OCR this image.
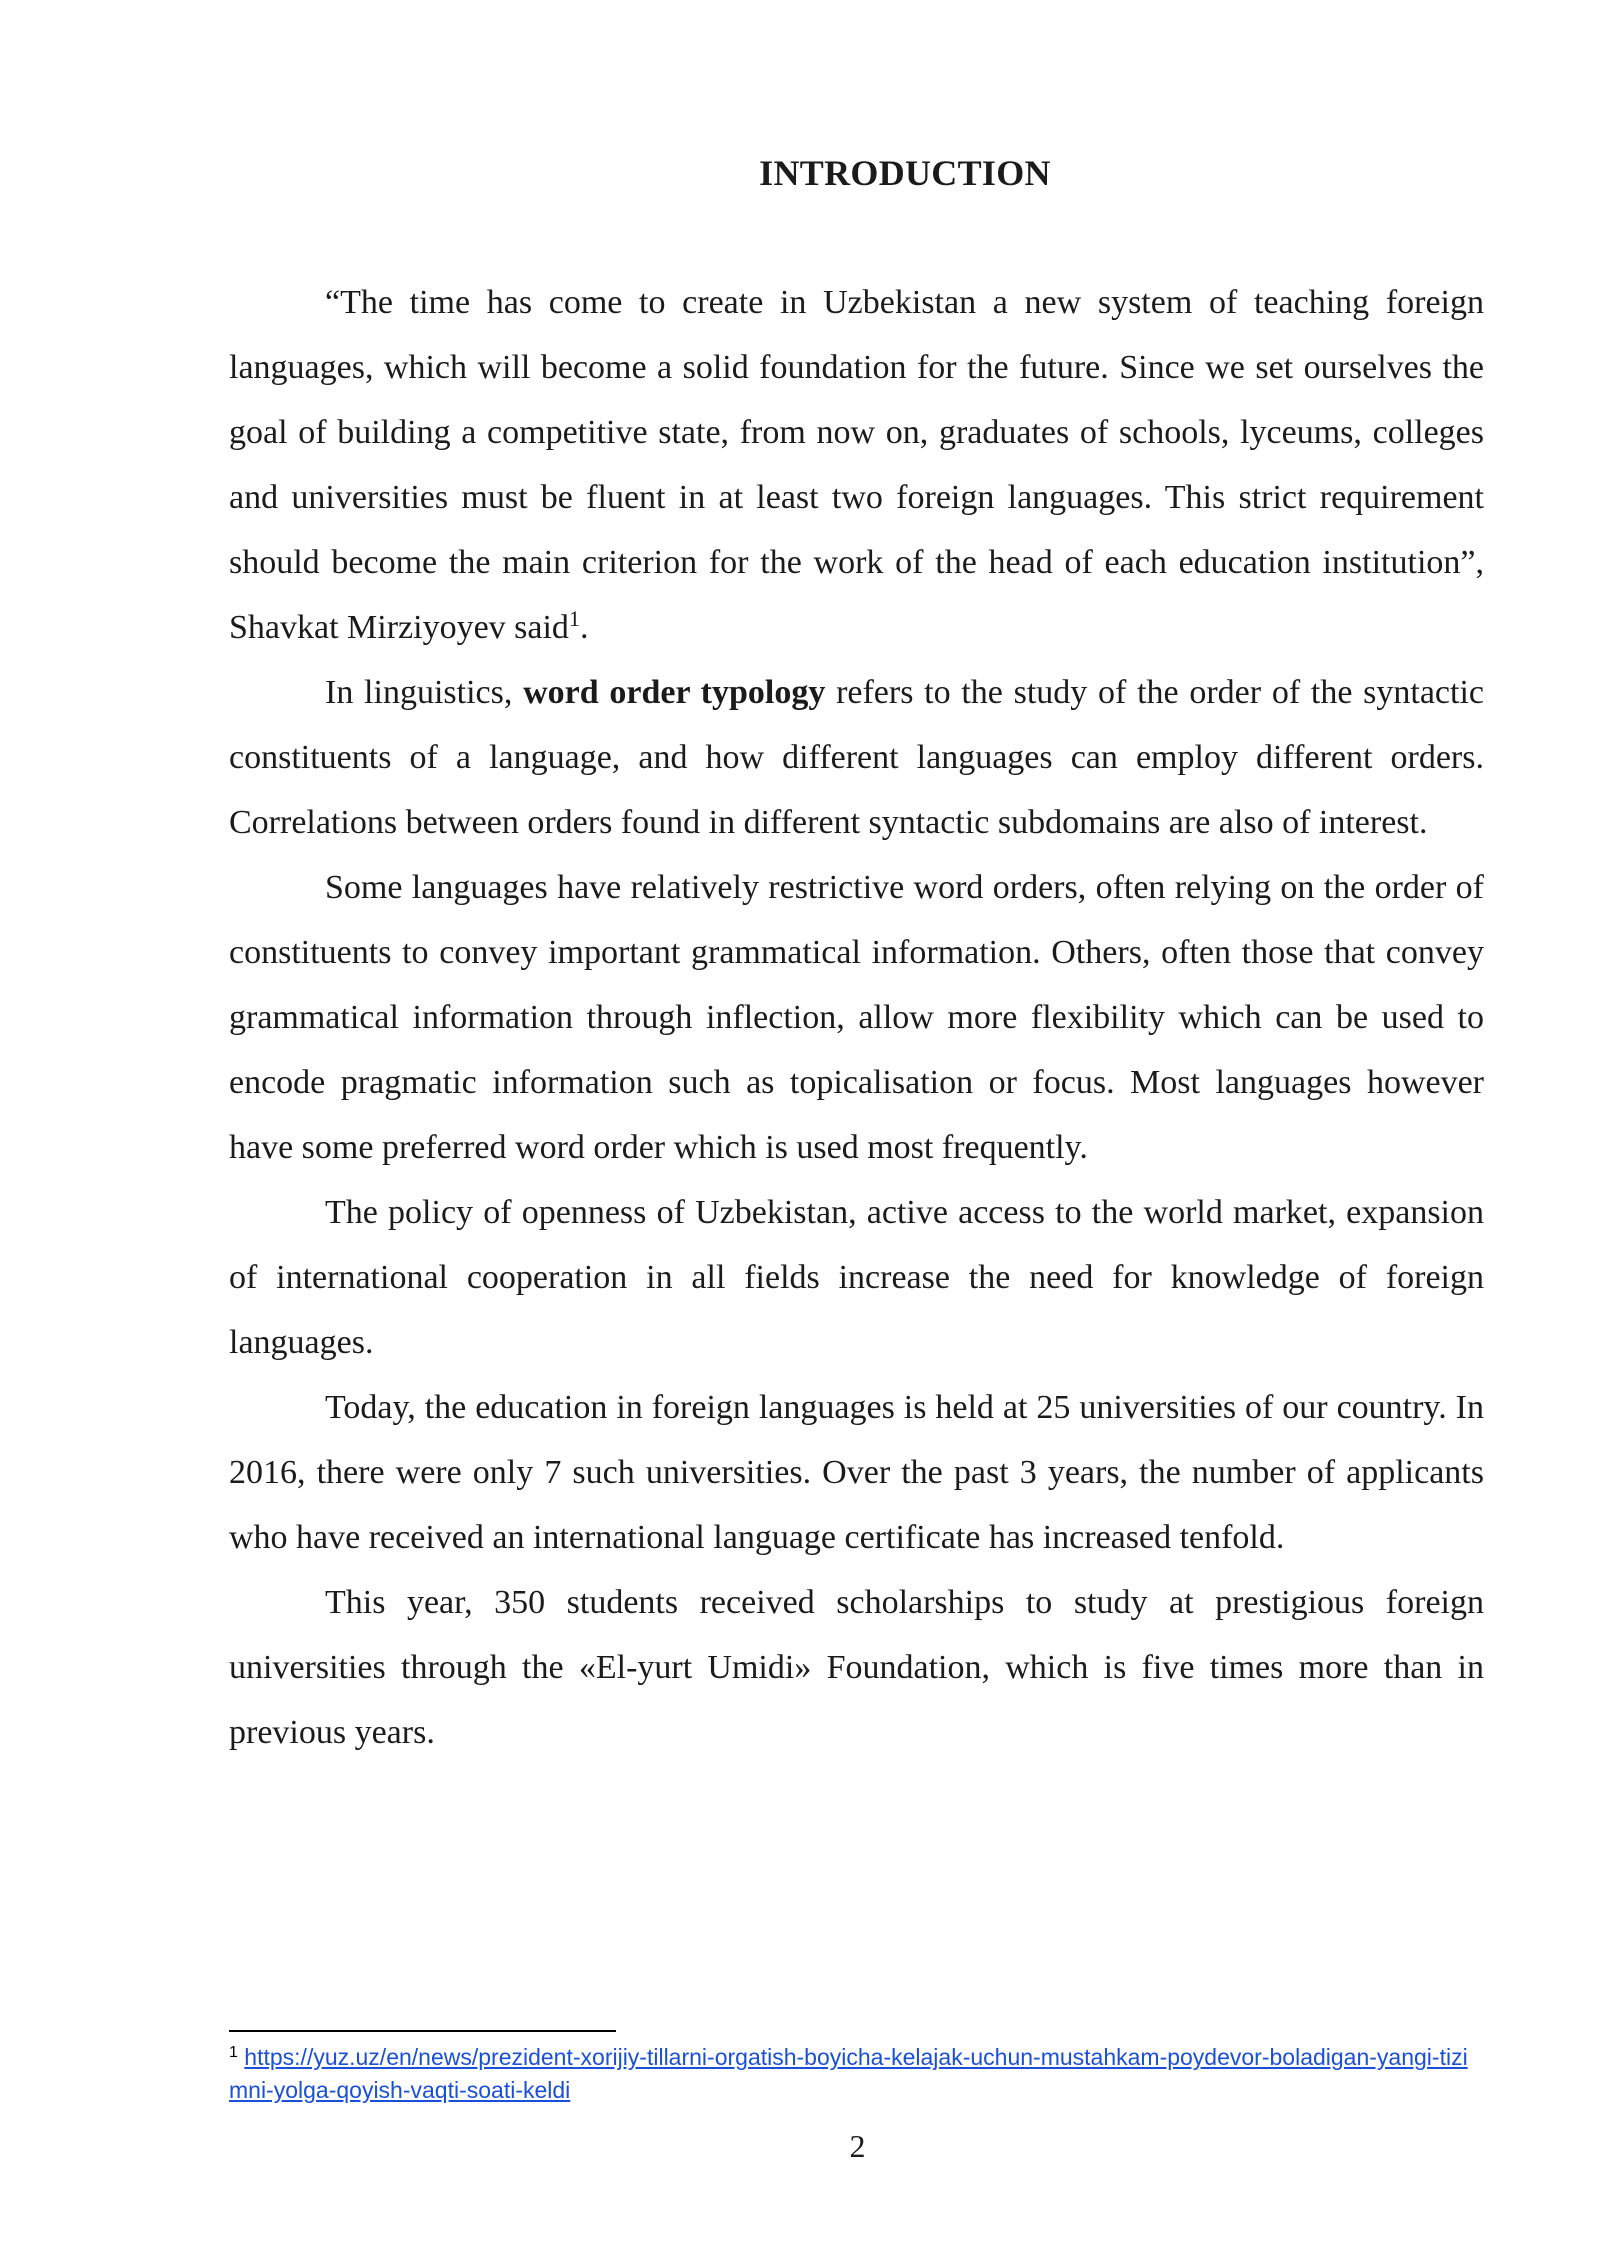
INTRODUCTION

“The time has come to create in Uzbekistan a new system of teaching foreign languages, which will become a solid foundation for the future. Since we set ourselves the goal of building a competitive state, from now on, graduates of schools, lyceums, colleges and universities must be fluent in at least two foreign languages. This strict requirement should become the main criterion for the work of the head of each education institution”, Shavkat Mirziyoyev said$^1$.

In linguistics, word order typology refers to the study of the order of the syntactic constituents of a language, and how different languages can employ different orders. Correlations between orders found in different syntactic subdomains are also of interest.

Some languages have relatively restrictive word orders, often relying on the order of constituents to convey important grammatical information. Others, often those that convey grammatical information through inflection, allow more flexibility which can be used to encode pragmatic information such as topicalisation or focus. Most languages however have some preferred word order which is used most frequently.

The policy of openness of Uzbekistan, active access to the world market, expansion of international cooperation in all fields increase the need for knowledge of foreign languages.

Today, the education in foreign languages is held at 25 universities of our country. In 2016, there were only 7 such universities. Over the past 3 years, the number of applicants who have received an international language certificate has increased tenfold.

This year, 350 students received scholarships to study at prestigious foreign universities through the «El-yurt Umidi» Foundation, which is five times more than in previous years.

$^1$ https://yuz.uz/en/news/prezident-xorijiy-tillarni-orgatish-boyicha-kelajak-uchun-mustahkam-poydevor-boladigan-yangi-tizimni-yolga-qoyish-vaqti-soati-keldi
2
